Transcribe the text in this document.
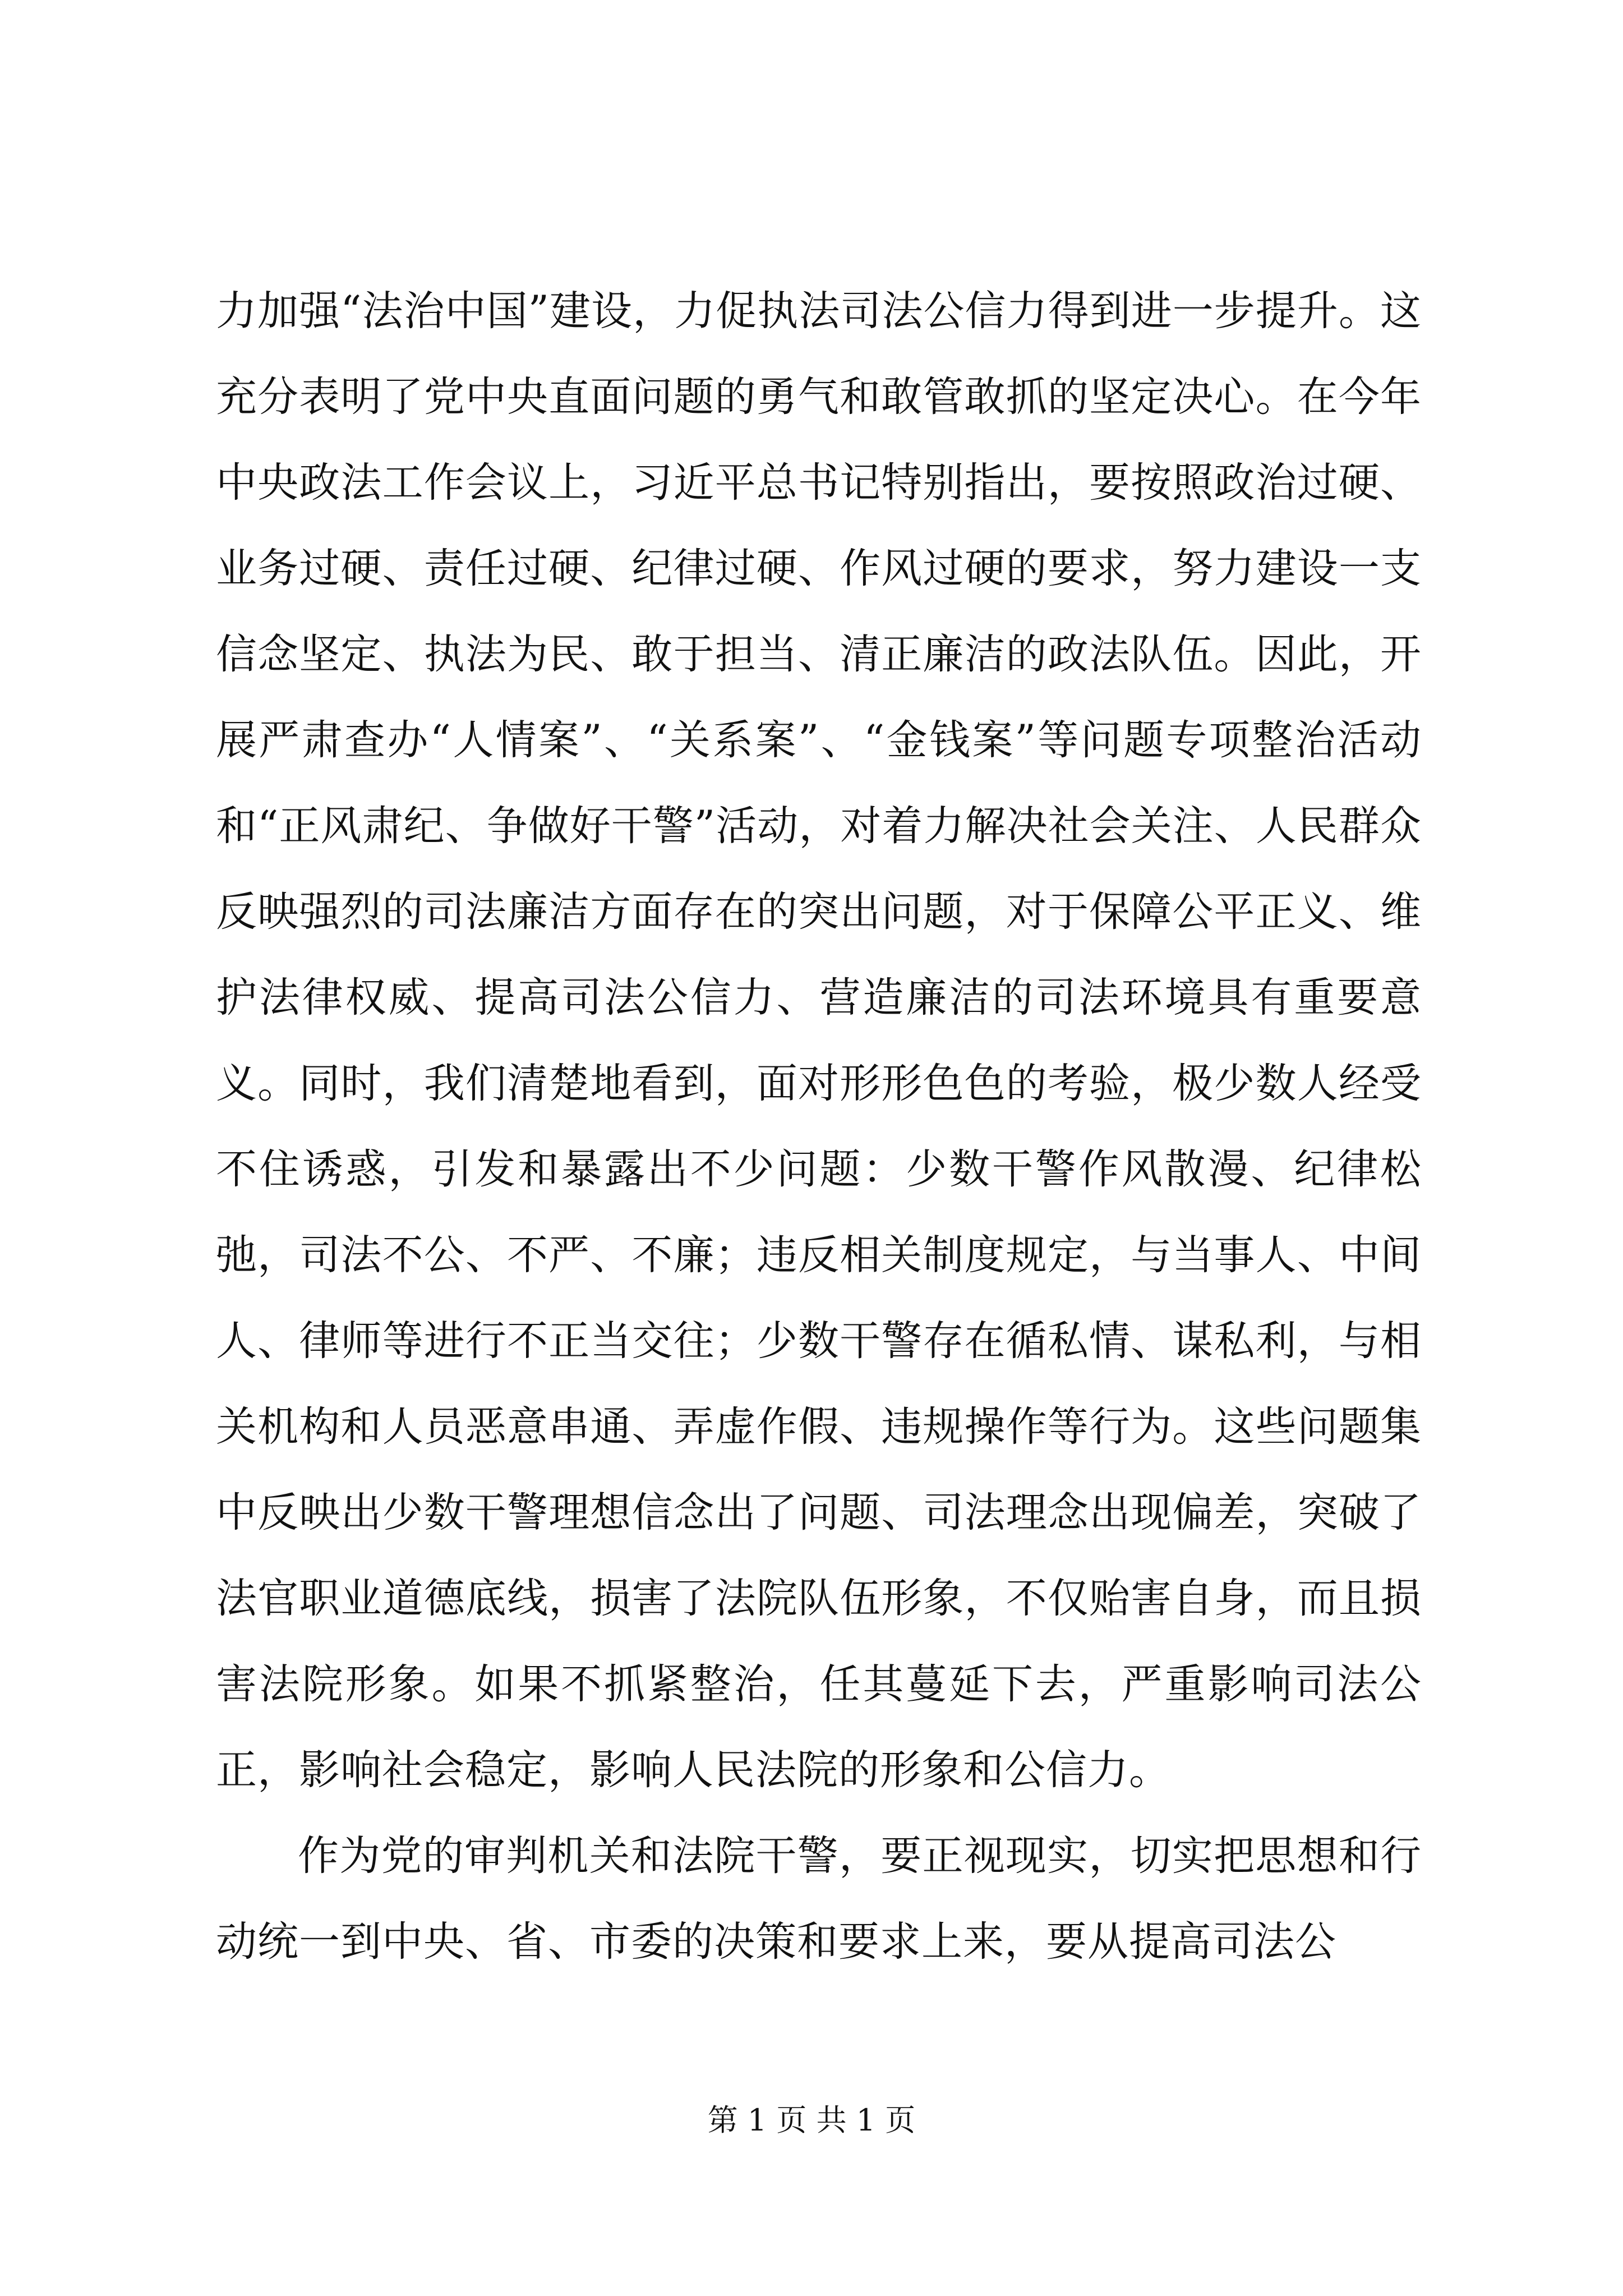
力加强“法治中国”建设，力促执法司法公信力得到进一步提升。这充分表明了党中央直面问题的勇气和敢管敢抓的坚定决心。在今年中央政法工作会议上，习近平总书记特别指出，要按照政治过硬、业务过硬、责任过硬、纪律过硬、作风过硬的要求，努力建设一支信念坚定、执法为民、敢于担当、清正廉洁的政法队伍。因此，开展严肃查办“人情案”、“关系案”、“金钱案”等问题专项整治活动和“正风肃纪、争做好干警”活动，对着力解决社会关注、人民群众反映强烈的司法廉洁方面存在的突出问题，对于保障公平正义、维护法律权威、提高司法公信力、营造廉洁的司法环境具有重要意义。同时，我们清楚地看到，面对形形色色的考验，极少数人经受不住诱惑，引发和暴露出不少问题：少数干警作风散漫、纪律松弛，司法不公、不严、不廉；违反相关制度规定，与当事人、中间人、律师等进行不正当交往；少数干警存在循私情、谋私利，与相关机构和人员恶意串通、弄虚作假、违规操作等行为。这些问题集中反映出少数干警理想信念出了问题、司法理念出现偏差，突破了法官职业道德底线，损害了法院队伍形象，不仅贻害自身，而且损害法院形象。如果不抓紧整治，任其蔓延下去，严重影响司法公正，影响社会稳定，影响人民法院的形象和公信力。

作为党的审判机关和法院干警，要正视现实，切实把思想和行动统一到中央、省、市委的决策和要求上来，要从提高司法公

第 1 页 共 1 页
